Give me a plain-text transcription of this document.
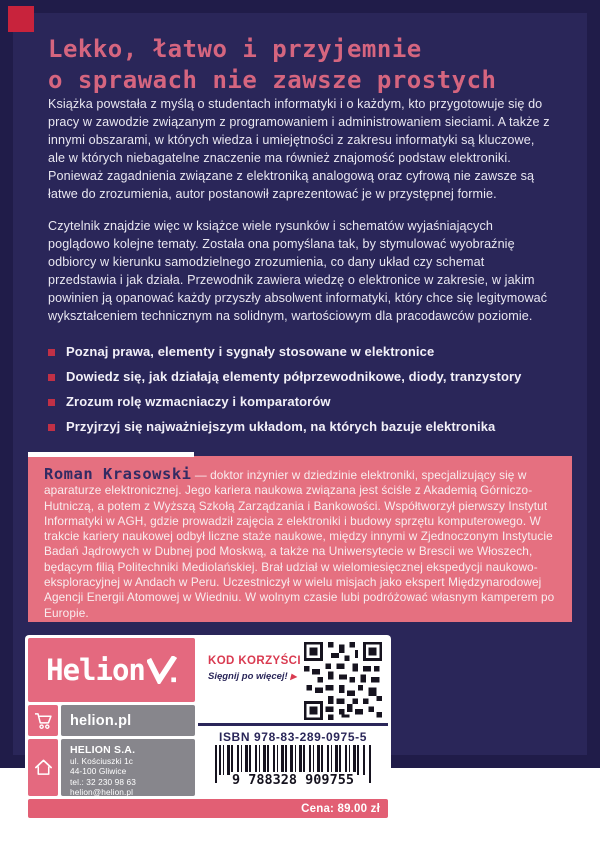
Lekko, łatwo i przyjemnie
o sprawach nie zawsze prostych
Książka powstała z myślą o studentach informatyki i o każdym, kto przygotowuje się do pracy w zawodzie związanym z programowaniem i administrowaniem sieciami. A także z innymi obszarami, w których wiedza i umiejętności z zakresu informatyki są kluczowe, ale w których niebagatelne znaczenie ma również znajomość podstaw elektroniki. Ponieważ zagadnienia związane z elektroniką analogową oraz cyfrową nie zawsze są łatwe do zrozumienia, autor postanowił zaprezentować je w przystępnej formie.
Czytelnik znajdzie więc w książce wiele rysunków i schematów wyjaśniających poglądowo kolejne tematy. Została ona pomyślana tak, by stymulować wyobraźnię odbiorcy w kierunku samodzielnego zrozumienia, co dany układ czy schemat przedstawia i jak działa. Przewodnik zawiera wiedzę o elektronice w zakresie, w jakim powinien ją opanować każdy przyszły absolwent informatyki, który chce się legitymować wykształceniem technicznym na solidnym, wartościowym dla pracodawców poziomie.
Poznaj prawa, elementy i sygnały stosowane w elektronice
Dowiedz się, jak działają elementy półprzewodnikowe, diody, tranzystory
Zrozum rolę wzmacniaczy i komparatorów
Przyjrzyj się najważniejszym układom, na których bazuje elektronika
Roman Krasowski — doktor inżynier w dziedzinie elektroniki, specjalizujący się w aparaturze elektronicznej. Jego kariera naukowa związana jest ściśle z Akademią Górniczo-Hutniczą, a potem z Wyższą Szkołą Zarządzania i Bankowości. Współtworzył pierwszy Instytut Informatyki w AGH, gdzie prowadził zajęcia z elektroniki i budowy sprzętu komputerowego. W trakcie kariery naukowej odbył liczne staże naukowe, między innymi w Zjednoczonym Instytucie Badań Jądrowych w Dubnej pod Moskwą, a także na Uniwersytecie w Brescii we Włoszech, będącym filią Politechniki Mediolańskiej. Brał udział w wielomiesięcznej ekspedycji naukowo-eksploracyjnej w Andach w Peru. Uczestniczył w wielu misjach jako ekspert Międzynarodowej Agencji Energii Atomowej w Wiedniu. W wolnym czasie lubi podróżować własnym kamperem po Europie.
Helion
helion.pl
HELION S.A.
ul. Kościuszki 1c
44-100 Gliwice
tel.: 32 230 98 63
helion@helion.pl
KOD KORZYŚCI
Sięgnij po więcej! ▶
ISBN 978-83-289-0975-5
9 788328 909755
Cena: 89.00 zł
